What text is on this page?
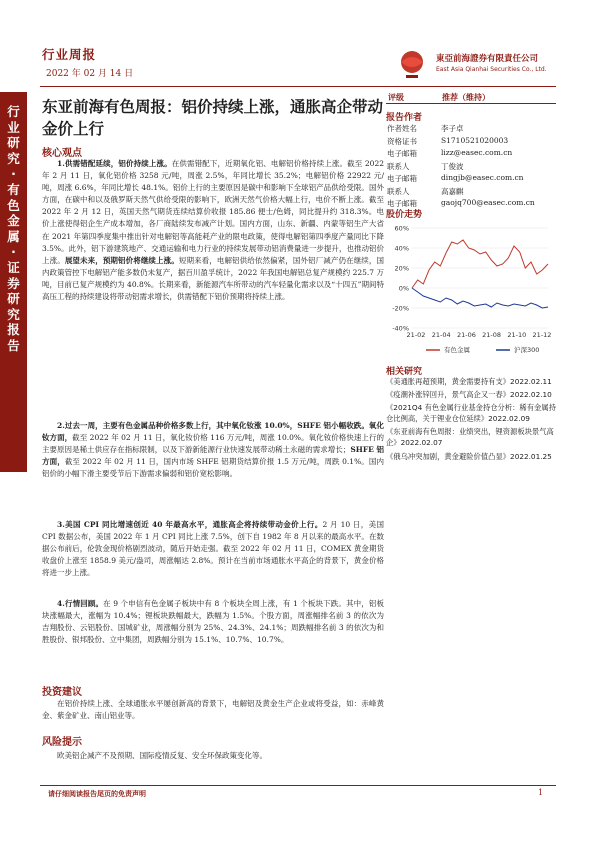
行
业
研
究
·
有
色
金
属
·
证
券
研
究
报
告
行业周报
2022 年 02 月 14 日
東亞前海證券有限責任公司
East Asia Qianhai Securities Co., Ltd.
东亚前海有色周报：铝价持续上涨，通胀高企带动金价上行
核心观点

1.供需错配延续，铝价持续上涨。在供需错配下，近期氧化铝、电解铝价格持续上涨。截至 2022 年 2 月 11 日，氧化铝价格 3258 元/吨，周涨 2.5%，年同比增长 35.2%；电解铝价格 22922 元/吨，周涨 6.6%，年同比增长 48.1%。铝价上行的主要原因是碳中和影响下全球铝产品供给受限。国外方面，在碳中和以及俄罗斯天然气供给受限的影响下，欧洲天然气价格大幅上行，电价不断上涨。截至 2022 年 2 月 12 日，英国天然气期货连续结算价收报 185.86 便士/色姆，同比提升约 318.3%。电价上涨使得铝企生产成本增加，各厂商陆续发布减产计划。国内方面，山东、新疆、内蒙等铝生产大省在 2021 年第四季度集中推出针对电解铝等高能耗产业的限电政策，使得电解铝第四季度产量同比下降 3.5%。此外，铝下游建筑地产、交通运输和电力行业的持续发展带动铝消费量进一步提升，也推动铝价上涨。展望未来，预期铝价将继续上涨。短期来看，电解铝供给依然偏紧，国外铝厂减产仍在继续，国内政策管控下电解铝产能多数仍未复产，据百川盈孚统计，2022 年我国电解铝总复产规模约 225.7 万吨，目前已复产规模约为 40.8%。长期来看，新能源汽车所带动的汽车轻量化需求以及“十四五”期间特高压工程的持续建设将带动铝需求增长，供需错配下铝价预期将持续上涨。

2.过去一周，主要有色金属品种价格多数上行，其中氧化钕涨 10.0%，SHFE 铝小幅收跌。氧化钕方面，截至 2022 年 02 月 11 日，氧化钕价格 116 万元/吨，周涨 10.0%。氧化钕价格快速上行的主要原因是稀土供应存在指标限制，以及下游新能源行业快速发展带动稀土永磁的需求增长；SHFE 铝方面，截至 2022 年 02 月 11 日，国内市场 SHFE 铝期货结算价报 1.5 万元/吨，周跌 0.1%。国内铝价的小幅下滑主要受节后下游需求偏弱和铝价宽松影响。

3.美国 CPI 同比增速创近 40 年最高水平，通胀高企将持续带动金价上行。2 月 10 日，美国 CPI 数据公布，美国 2022 年 1 月 CPI 同比上涨 7.5%，创下自 1982 年 8 月以来的最高水平。在数据公布前后，伦敦金现价格剧烈波动，随后开始走强。截至 2022 年 02 月 11 日，COMEX 黄金期货收盘价上涨至 1858.9 美元/盎司，周涨幅达 2.8%。预计在当前市场通胀水平高企的背景下，黄金价格将进一步上涨。

4.行情回顾。在 9 个申信有色金属子板块中有 8 个板块全周上涨，有 1 个板块下跌。其中，铝板块涨幅最大，涨幅为 10.4%；锂板块跌幅最大，跌幅为 1.5%。个股方面，周涨幅排名前 3 的依次为吉翔股份、云铝股份、国城矿业，周涨幅分别为 25%、24.3%、24.1%；周跌幅排名前 3 的依次为和胜股份、银邦股份、立中集团，周跌幅分别为 15.1%、10.7%、10.7%。

投资建议

在铝价持续上涨、全球通胀水平屡创新高的背景下，电解铝及黄金生产企业或将受益，如：赤峰黄金、紫金矿业、南山铝业等。

风险提示

欧美铝企减产不及预期、国际疫情反复、安全环保政策变化等。

评级	推荐（维持）
报告作者
作者姓名	李子卓
资格证书	S1710521020003
电子邮箱	lizz@easec.com.cn
联系人	丁俊波
电子邮箱	dingjb@easec.com.cn
联系人	高嘉麒
电子邮箱	gaojq700@easec.com.cn
股价走势
60%
40%
20%
0%
-20%
-40%
21-02 21-04 21-06 21-08 21-10 21-12
有色金属	沪深300
相关研究
《美通胀再超预期，黄金需要持有支》2022.02.11
《疫潮补涨锌回升，景气高企又一春》2022.02.10
《2021Q4 有色金属行业基金持仓分析：稀有金属持仓比例高，关于锂业仓位延续》2022.02.09
《东亚前海有色周报：业绩突出，锂资源板块景气高企》2022.02.07
《俄乌冲突加剧，黄金避险价值凸显》2022.01.25
请仔细阅读报告尾页的免责声明	1
